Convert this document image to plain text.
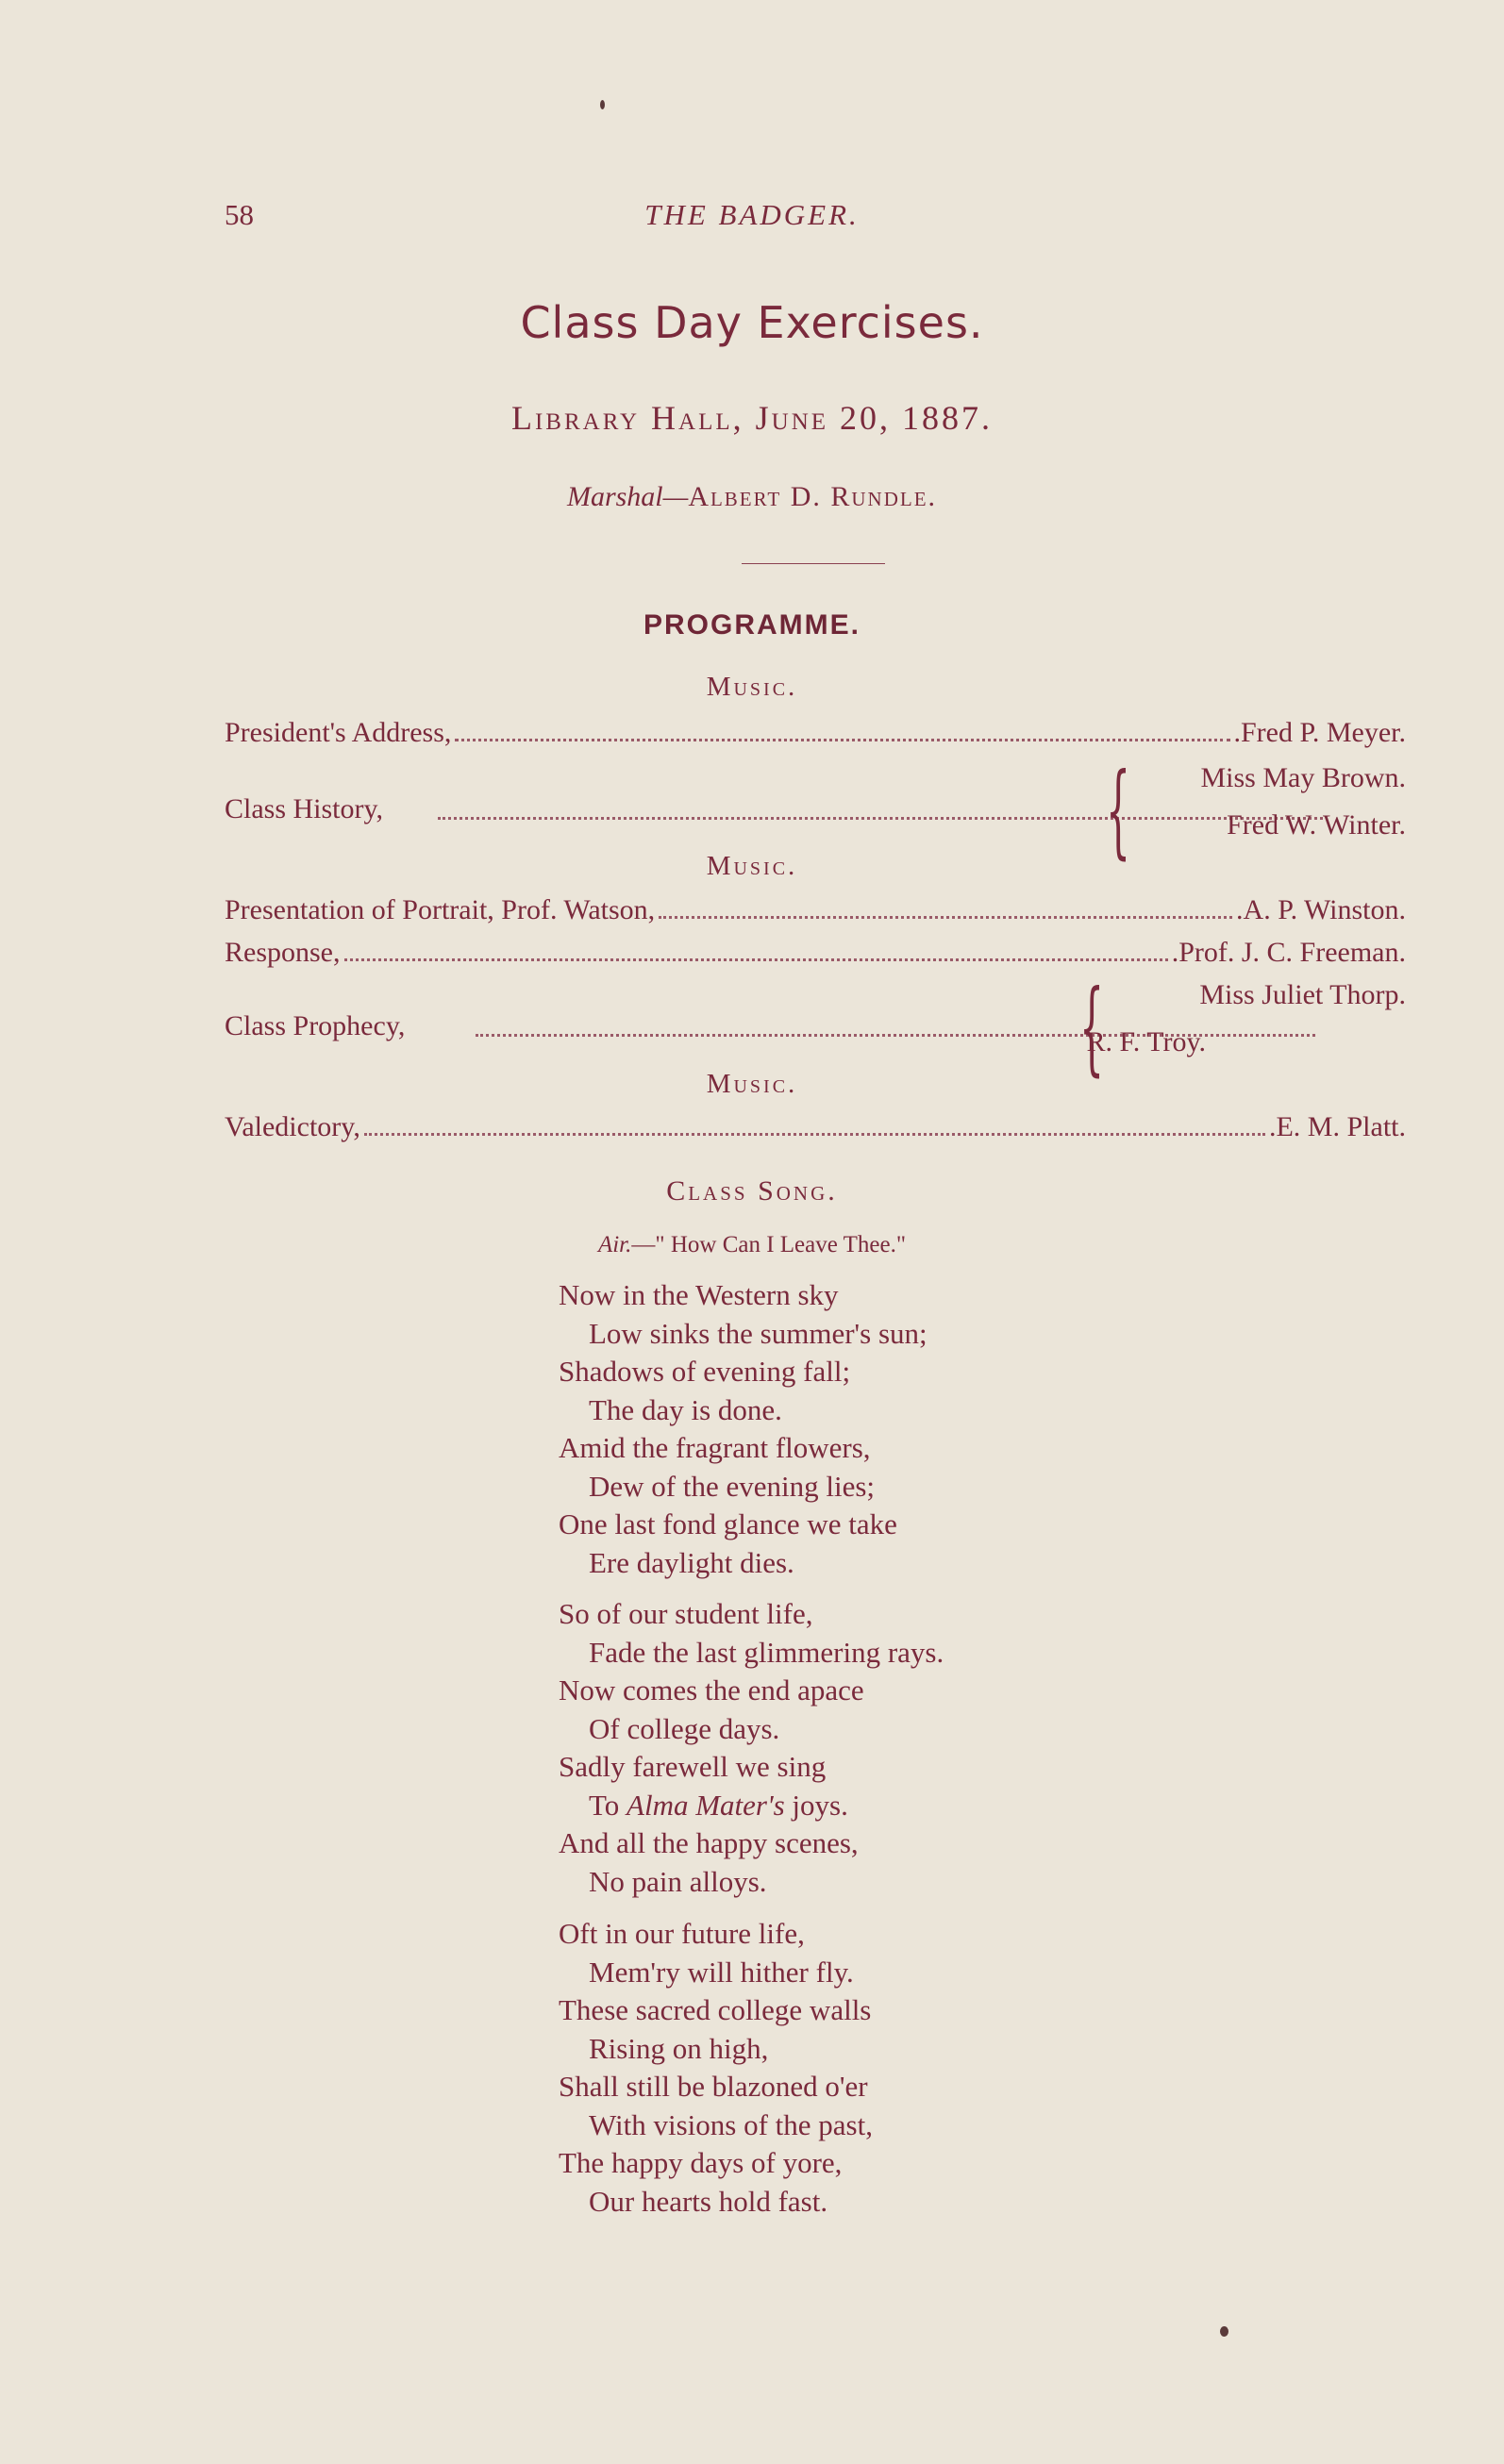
58	THE BADGER.
Class Day Exercises.
Library Hall, June 20, 1887.
Marshal—Albert D. Rundle.
PROGRAMME.
Music.
President's Address,	.Fred P. Meyer.
Class History,	{ Miss May Brown.
Fred W. Winter.
Music.
Presentation of Portrait, Prof. Watson,	.A. P. Winston.
Response,	.Prof. J. C. Freeman.
Class Prophecy,	{	Miss Juliet Thorp.
R. F. Troy.
Music.
Valedictory,	.E. M. Platt.
Class Song.
Air.—" How Can I Leave Thee."
Now in the Western sky
Low sinks the summer's sun;
Shadows of evening fall;
The day is done.
Amid the fragrant flowers,
Dew of the evening lies;
One last fond glance we take
Ere daylight dies.
So of our student life,
Fade the last glimmering rays.
Now comes the end apace
Of college days.
Sadly farewell we sing
To Alma Mater's joys.
And all the happy scenes,
No pain alloys.
Oft in our future life,
Mem'ry will hither fly.
These sacred college walls
Rising on high,
Shall still be blazoned o'er
With visions of the past,
The happy days of yore,
Our hearts hold fast.
